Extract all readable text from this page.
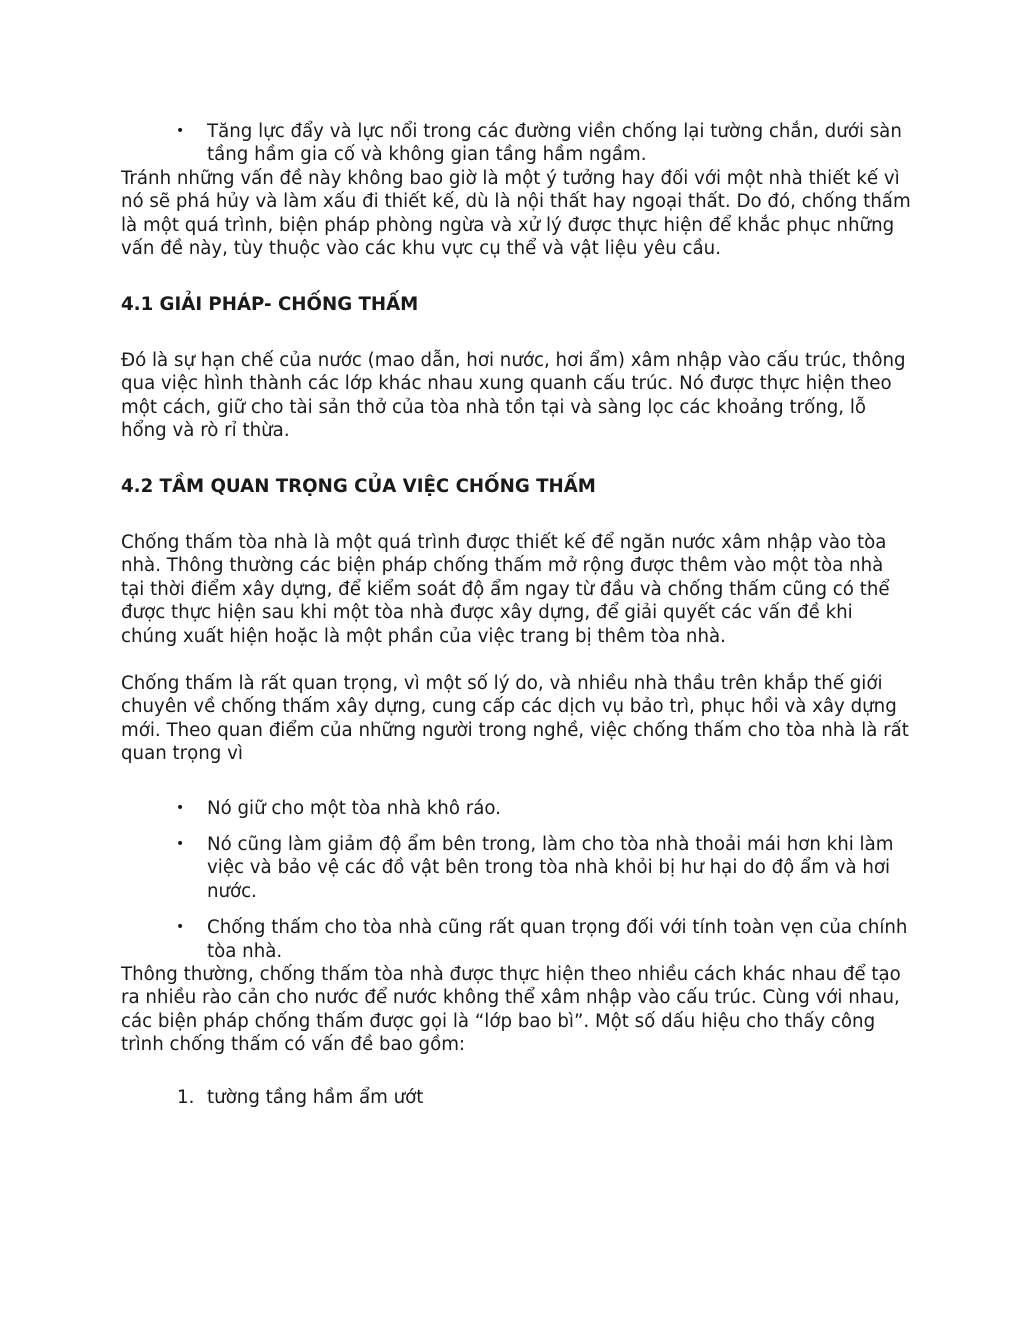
• Tăng lực đẩy và lực nổi trong các đường viền chống lại tường chắn, dưới sàn tầng hầm gia cố và không gian tầng hầm ngầm.

Tránh những vấn đề này không bao giờ là một ý tưởng hay đối với một nhà thiết kế vì nó sẽ phá hủy và làm xấu đi thiết kế, dù là nội thất hay ngoại thất. Do đó, chống thấm là một quá trình, biện pháp phòng ngừa và xử lý được thực hiện để khắc phục những vấn đề này, tùy thuộc vào các khu vực cụ thể và vật liệu yêu cầu.

4.1 GIẢI PHÁP- CHỐNG THẤM

Đó là sự hạn chế của nước (mao dẫn, hơi nước, hơi ẩm) xâm nhập vào cấu trúc, thông qua việc hình thành các lớp khác nhau xung quanh cấu trúc. Nó được thực hiện theo một cách, giữ cho tài sản thở của tòa nhà tồn tại và sàng lọc các khoảng trống, lỗ hổng và rò rỉ thừa.

4.2 TẦM QUAN TRỌNG CỦA VIỆC CHỐNG THẤM

Chống thấm tòa nhà là một quá trình được thiết kế để ngăn nước xâm nhập vào tòa nhà. Thông thường các biện pháp chống thấm mở rộng được thêm vào một tòa nhà tại thời điểm xây dựng, để kiểm soát độ ẩm ngay từ đầu và chống thấm cũng có thể được thực hiện sau khi một tòa nhà được xây dựng, để giải quyết các vấn đề khi chúng xuất hiện hoặc là một phần của việc trang bị thêm tòa nhà.

Chống thấm là rất quan trọng, vì một số lý do, và nhiều nhà thầu trên khắp thế giới chuyên về chống thấm xây dựng, cung cấp các dịch vụ bảo trì, phục hồi và xây dựng mới. Theo quan điểm của những người trong nghề, việc chống thấm cho tòa nhà là rất quan trọng vì

• Nó giữ cho một tòa nhà khô ráo.
• Nó cũng làm giảm độ ẩm bên trong, làm cho tòa nhà thoải mái hơn khi làm việc và bảo vệ các đồ vật bên trong tòa nhà khỏi bị hư hại do độ ẩm và hơi nước.
• Chống thấm cho tòa nhà cũng rất quan trọng đối với tính toàn vẹn của chính tòa nhà.

Thông thường, chống thấm tòa nhà được thực hiện theo nhiều cách khác nhau để tạo ra nhiều rào cản cho nước để nước không thể xâm nhập vào cấu trúc. Cùng với nhau, các biện pháp chống thấm được gọi là “lớp bao bì”. Một số dấu hiệu cho thấy công trình chống thấm có vấn đề bao gồm:

1. tường tầng hầm ẩm ướt
